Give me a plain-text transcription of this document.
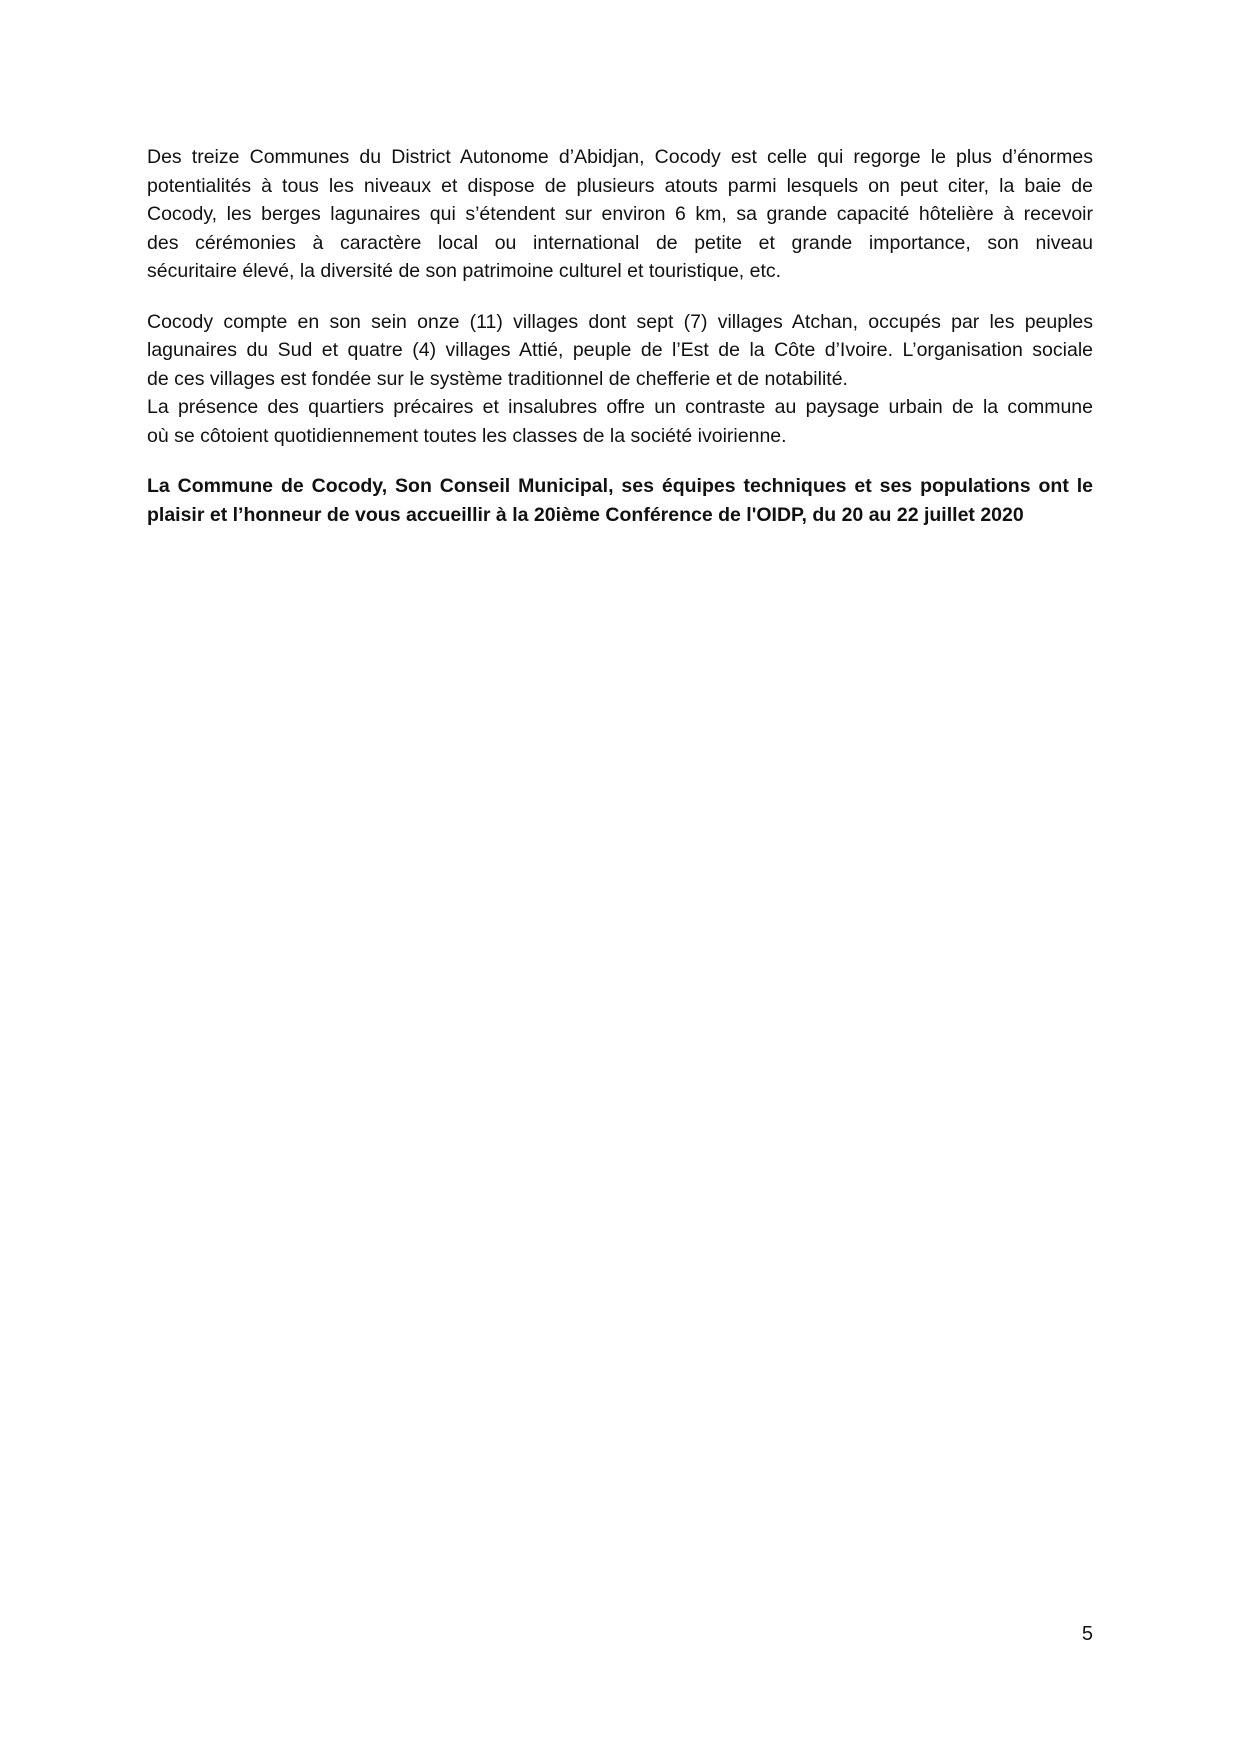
Des treize Communes du District Autonome d’Abidjan, Cocody est celle qui regorge le plus d’énormes
potentialités à tous les niveaux et dispose de plusieurs atouts parmi lesquels on peut citer, la baie de
Cocody, les berges lagunaires qui s’étendent sur environ 6 km, sa grande capacité hôtelière à recevoir
des cérémonies à caractère local ou international de petite et grande importance, son niveau
sécuritaire élevé, la diversité de son patrimoine culturel et touristique, etc.
Cocody compte en son sein onze (11) villages dont sept (7) villages Atchan, occupés par les peuples
lagunaires du Sud et quatre (4) villages Attié, peuple de l’Est de la Côte d’Ivoire. L’organisation sociale
de ces villages est fondée sur le système traditionnel de chefferie et de notabilité.
La présence des quartiers précaires et insalubres offre un contraste au paysage urbain de la commune
où se côtoient quotidiennement toutes les classes de la société ivoirienne.
La Commune de Cocody, Son Conseil Municipal, ses équipes techniques et ses populations ont le
plaisir et l’honneur de vous accueillir à la 20ième Conférence de l'OIDP, du 20 au 22 juillet 2020
5
